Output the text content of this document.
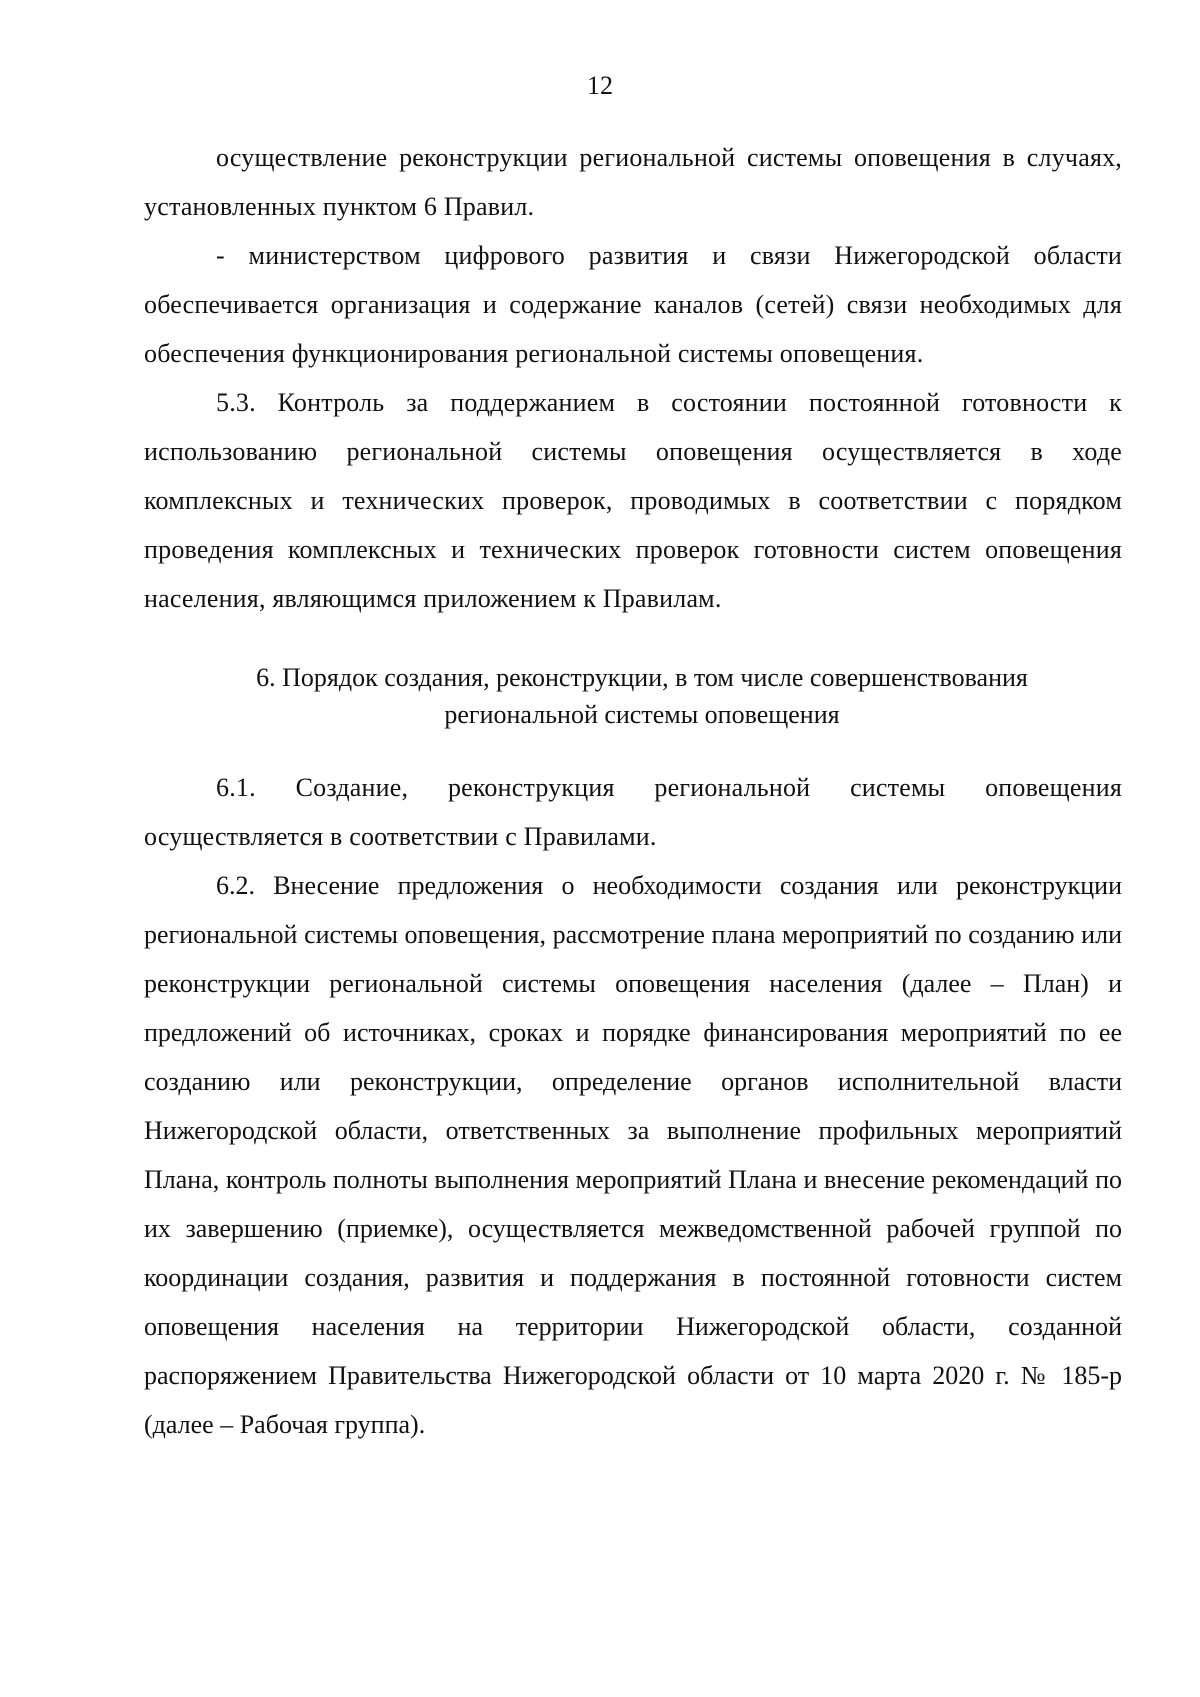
12

осуществление реконструкции региональной системы оповещения в случаях, установленных пунктом 6 Правил.

- министерством цифрового развития и связи Нижегородской области обеспечивается организация и содержание каналов (сетей) связи необходимых для обеспечения функционирования региональной системы оповещения.

5.3. Контроль за поддержанием в состоянии постоянной готовности к использованию региональной системы оповещения осуществляется в ходе комплексных и технических проверок, проводимых в соответствии с порядком проведения комплексных и технических проверок готовности систем оповещения населения, являющимся приложением к Правилам.

6. Порядок создания, реконструкции, в том числе совершенствования
региональной системы оповещения

6.1. Создание, реконструкция региональной системы оповещения осуществляется в соответствии с Правилами.

6.2. Внесение предложения о необходимости создания или реконструкции региональной системы оповещения, рассмотрение плана мероприятий по созданию или реконструкции региональной системы оповещения населения (далее – План) и предложений об источниках, сроках и порядке финансирования мероприятий по ее созданию или реконструкции, определение органов исполнительной власти Нижегородской области, ответственных за выполнение профильных мероприятий Плана, контроль полноты выполнения мероприятий Плана и внесение рекомендаций по их завершению (приемке), осуществляется межведомственной рабочей группой по координации создания, развития и поддержания в постоянной готовности систем оповещения населения на территории Нижегородской области, созданной распоряжением Правительства Нижегородской области от 10 марта 2020 г. № 185-р (далее – Рабочая группа).
